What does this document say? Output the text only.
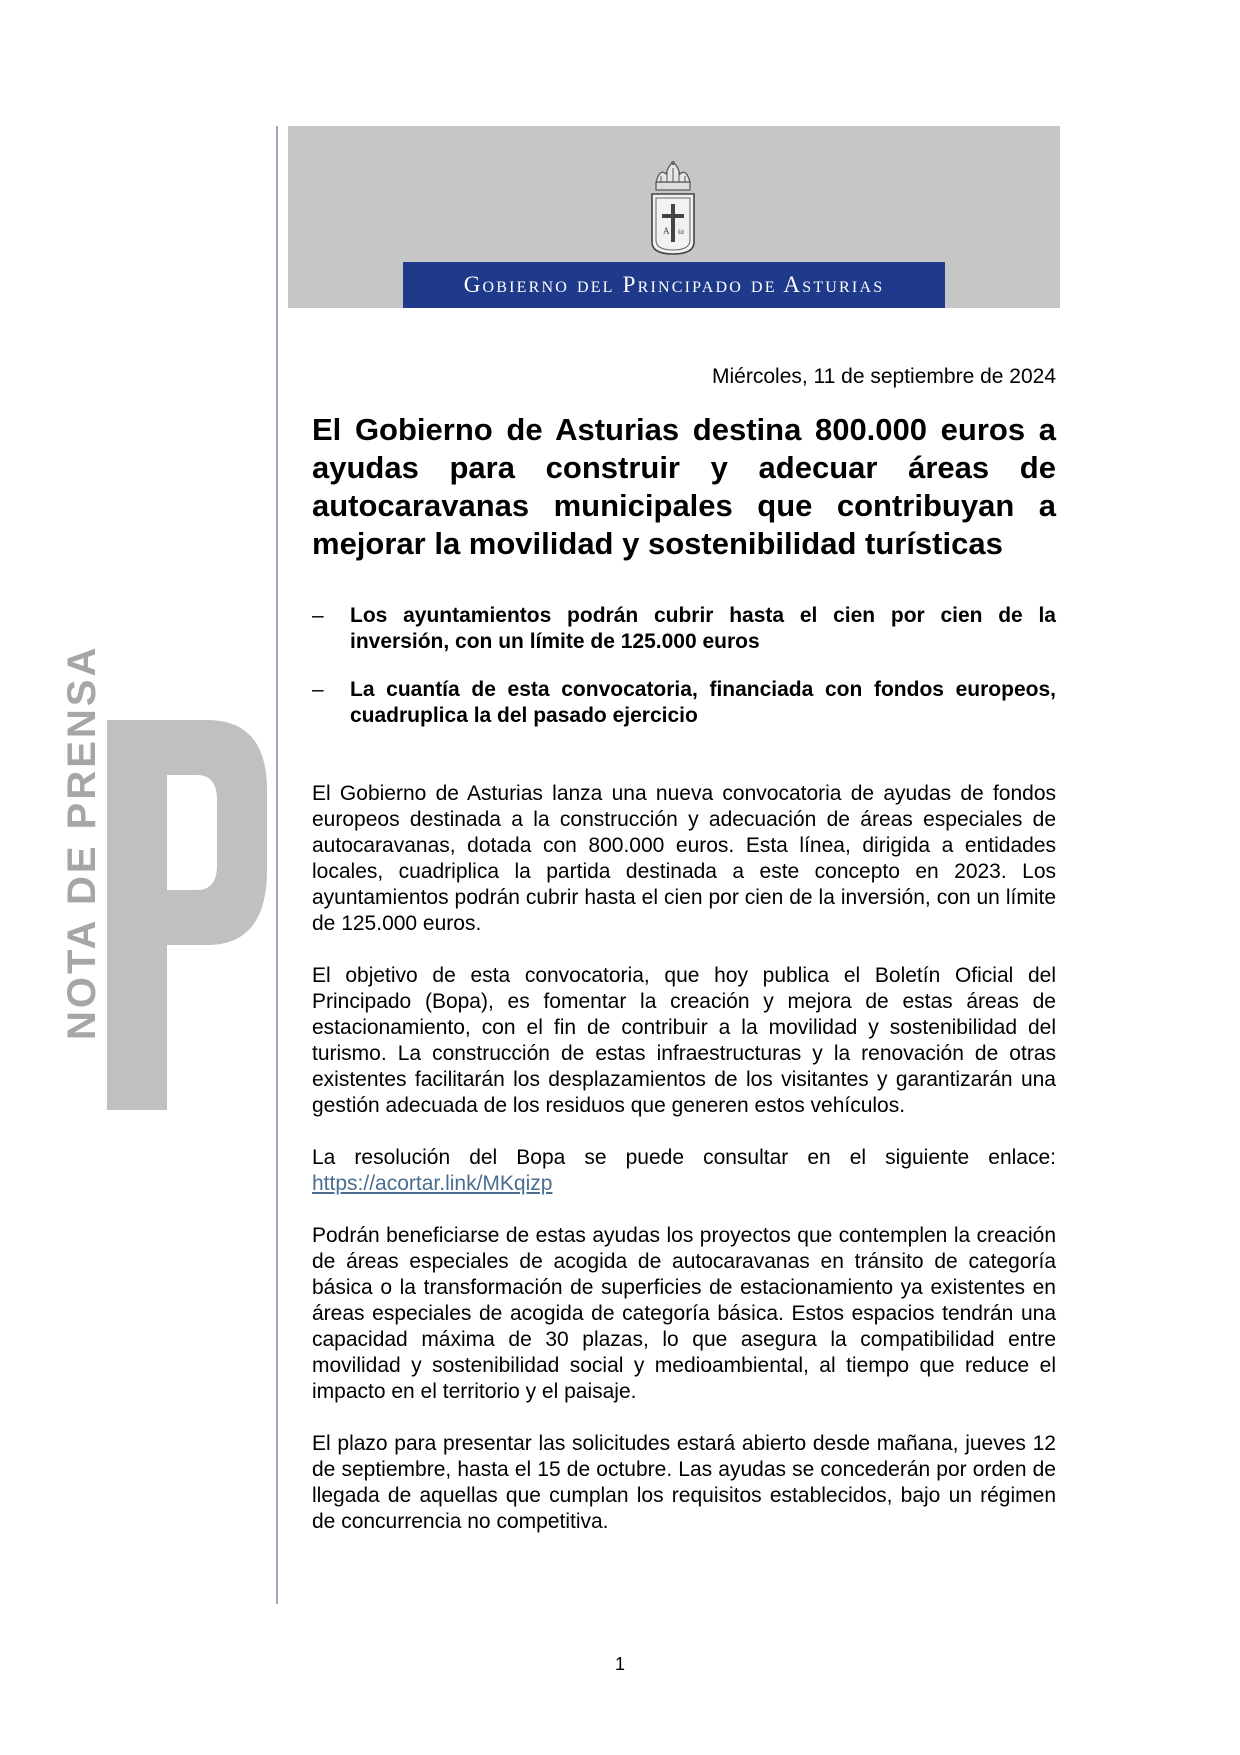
A ω
Gobierno del Principado de Asturias
NOTA DE PRENSA

Miércoles, 11 de septiembre de 2024

El Gobierno de Asturias destina 800.000 euros a ayudas para construir y adecuar áreas de autocaravanas municipales que contribuyan a mejorar la movilidad y sostenibilidad turísticas
– Los ayuntamientos podrán cubrir hasta el cien por cien de la inversión, con un límite de 125.000 euros
– La cuantía de esta convocatoria, financiada con fondos europeos, cuadruplica la del pasado ejercicio

El Gobierno de Asturias lanza una nueva convocatoria de ayudas de fondos europeos destinada a la construcción y adecuación de áreas especiales de autocaravanas, dotada con 800.000 euros. Esta línea, dirigida a entidades locales, cuadriplica la partida destinada a este concepto en 2023. Los ayuntamientos podrán cubrir hasta el cien por cien de la inversión, con un límite de 125.000 euros.

El objetivo de esta convocatoria, que hoy publica el Boletín Oficial del Principado (Bopa), es fomentar la creación y mejora de estas áreas de estacionamiento, con el fin de contribuir a la movilidad y sostenibilidad del turismo. La construcción de estas infraestructuras y la renovación de otras existentes facilitarán los desplazamientos de los visitantes y garantizarán una gestión adecuada de los residuos que generen estos vehículos.

La resolución del Bopa se puede consultar en el siguiente enlace: https://acortar.link/MKqizp

Podrán beneficiarse de estas ayudas los proyectos que contemplen la creación de áreas especiales de acogida de autocaravanas en tránsito de categoría básica o la transformación de superficies de estacionamiento ya existentes en áreas especiales de acogida de categoría básica. Estos espacios tendrán una capacidad máxima de 30 plazas, lo que asegura la compatibilidad entre movilidad y sostenibilidad social y medioambiental, al tiempo que reduce el impacto en el territorio y el paisaje.

El plazo para presentar las solicitudes estará abierto desde mañana, jueves 12 de septiembre, hasta el 15 de octubre. Las ayudas se concederán por orden de llegada de aquellas que cumplan los requisitos establecidos, bajo un régimen de concurrencia no competitiva.

1
